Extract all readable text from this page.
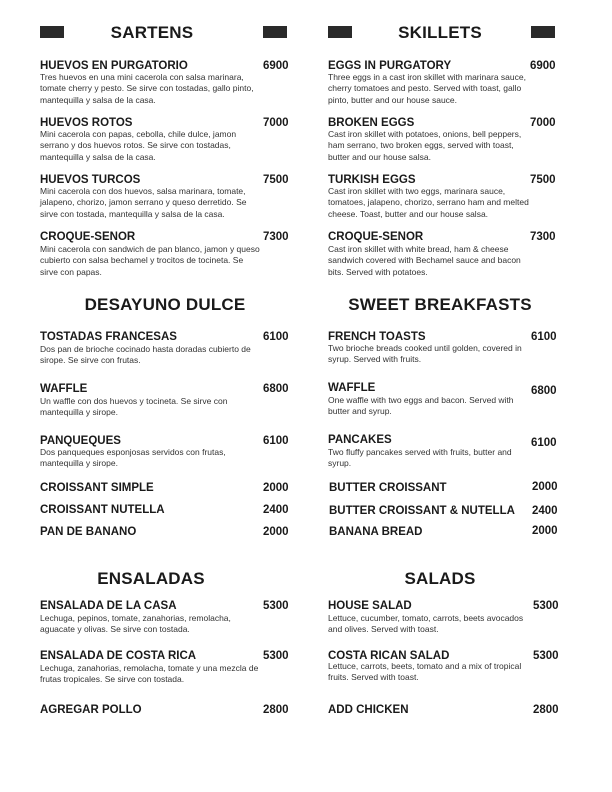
SARTENS
HUEVOS EN PURGATORIO	6900
Tres huevos en una mini cacerola con salsa marinara, tomate cherry y pesto. Se sirve con tostadas, gallo pinto, mantequilla y salsa de la casa.
HUEVOS ROTOS	7000
Mini cacerola con papas, cebolla, chile dulce, jamon serrano y dos huevos rotos. Se sirve con tostadas, mantequilla y salsa de la casa.
HUEVOS TURCOS	7500
Mini cacerola con dos huevos, salsa marinara, tomate, jalapeno, chorizo, jamon serrano y queso derretido. Se sirve con tostada, mantequilla y salsa de la casa.
CROQUE-SENOR	7300
Mini cacerola con sandwich de pan blanco, jamon y queso cubierto con salsa bechamel y trocitos de tocineta. Se sirve con papas.
DESAYUNO DULCE
TOSTADAS FRANCESAS	6100
Dos pan de brioche cocinado hasta doradas cubierto de sirope. Se sirve con frutas.
WAFFLE	6800
Un waffle con dos huevos y tocineta. Se sirve con mantequilla y sirope.
PANQUEQUES	6100
Dos panqueques esponjosas servidos con frutas, mantequilla y sirope.
CROISSANT SIMPLE	2000
CROISSANT NUTELLA	2400
PAN DE BANANO	2000
ENSALADAS
ENSALADA DE LA CASA	5300
Lechuga, pepinos, tomate, zanahorias, remolacha, aguacate y olivas. Se sirve con tostada.
ENSALADA DE COSTA RICA	5300
Lechuga, zanahorias, remolacha, tomate y una mezcla de frutas tropicales. Se sirve con tostada.
AGREGAR POLLO	2800
SKILLETS
EGGS IN PURGATORY	6900
Three eggs in a cast iron skillet with marinara sauce, cherry tomatoes and pesto. Served with toast, gallo pinto, butter and our house sauce.
BROKEN EGGS	7000
Cast iron skillet with potatoes, onions, bell peppers, ham serrano, two broken eggs, served with toast, butter and our house salsa.
TURKISH EGGS	7500
Cast iron skillet with two eggs, marinara sauce, tomatoes, jalapeno, chorizo, serrano ham and melted cheese. Toast, butter and our house salsa.
CROQUE-SENOR	7300
Cast iron skillet with white bread, ham & cheese sandwich covered with Bechamel sauce and bacon bits. Served with potatoes.
SWEET BREAKFASTS
FRENCH TOASTS	6100
Two brioche breads cooked until golden, covered in syrup. Served with fruits.
WAFFLE	6800
One waffle with two eggs and bacon. Served with butter and syrup.
PANCAKES	6100
Two fluffy pancakes served with fruits, butter and syrup.
BUTTER CROISSANT	2000
BUTTER CROISSANT & NUTELLA 2400
BANANA BREAD	2000
SALADS
HOUSE SALAD	5300
Lettuce, cucumber, tomato, carrots, beets avocados and olives. Served with toast.
COSTA RICAN SALAD	5300
Lettuce, carrots, beets, tomato and a mix of tropical fruits. Served with toast.
ADD CHICKEN	2800
